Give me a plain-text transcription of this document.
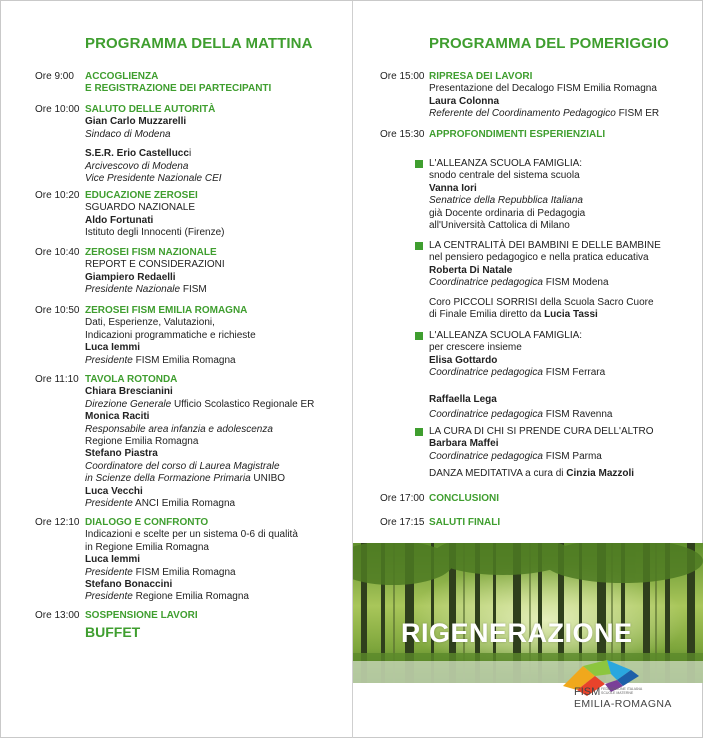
PROGRAMMA DELLA MATTINA
Ore 9:00 ACCOGLIENZA
E REGISTRAZIONE DEI PARTECIPANTI
Ore 10:00 SALUTO DELLE AUTORITÀ
Gian Carlo Muzzarelli
Sindaco di Modena
S.E.R. Erio Castellucci
Arcivescovo di Modena
Vice Presidente Nazionale CEI
Ore 10:20 EDUCAZIONE ZEROSEI
SGUARDO NAZIONALE
Aldo Fortunati
Istituto degli Innocenti (Firenze)
Ore 10:40 ZEROSEI FISM NAZIONALE
REPORT E CONSIDERAZIONI
Giampiero Redaelli
Presidente Nazionale FISM
Ore 10:50 ZEROSEI FISM EMILIA ROMAGNA
Dati, Esperienze, Valutazioni,
Indicazioni programmatiche e richieste
Luca Iemmi
Presidente FISM Emilia Romagna
Ore 11:10 TAVOLA ROTONDA
Chiara Brescianini
Direzione Generale Ufficio Scolastico Regionale ER
Monica Raciti
Responsabile area infanzia e adolescenza
Regione Emilia Romagna
Stefano Piastra
Coordinatore del corso di Laurea Magistrale
in Scienze della Formazione Primaria UNIBO
Luca Vecchi
Presidente ANCI Emilia Romagna
Ore 12:10 DIALOGO E CONFRONTO
Indicazioni e scelte per un sistema 0-6 di qualità
in Regione Emilia Romagna
Luca Iemmi
Presidente FISM Emilia Romagna
Stefano Bonaccini
Presidente Regione Emilia Romagna
Ore 13:00 SOSPENSIONE LAVORI
BUFFET
PROGRAMMA DEL POMERIGGIO
Ore 15:00 RIPRESA DEI LAVORI
Presentazione del Decalogo FISM Emilia Romagna
Laura Colonna
Referente del Coordinamento Pedagogico FISM ER
Ore 15:30 APPROFONDIMENTI ESPERIENZIALI
L'ALLEANZA SCUOLA FAMIGLIA:
snodo centrale del sistema scuola
Vanna Iori
Senatrice della Repubblica Italiana
già Docente ordinaria di Pedagogia
all'Università Cattolica di Milano
LA CENTRALITÀ DEI BAMBINI E DELLE BAMBINE
nel pensiero pedagogico e nella pratica educativa
Roberta Di Natale
Coordinatrice pedagogica FISM Modena
Coro PICCOLI SORRISI della Scuola Sacro Cuore
di Finale Emilia diretto da Lucia Tassi
L'ALLEANZA SCUOLA FAMIGLIA:
per crescere insieme
Elisa Gottardo
Coordinatrice pedagogica FISM Ferrara
Raffaella Lega
Coordinatrice pedagogica FISM Ravenna
LA CURA DI CHI SI PRENDE CURA DELL'ALTRO
Barbara Maffei
Coordinatrice pedagogica FISM Parma
DANZA MEDITATIVA a cura di Cinzia Mazzoli
Ore 17:00 CONCLUSIONI
Ore 17:15 SALUTI FINALI
RIGENERAZIONE
FISM FEDERAZIONE ITALIANA
SCUOLE MATERNE
EMILIA-ROMAGNA
